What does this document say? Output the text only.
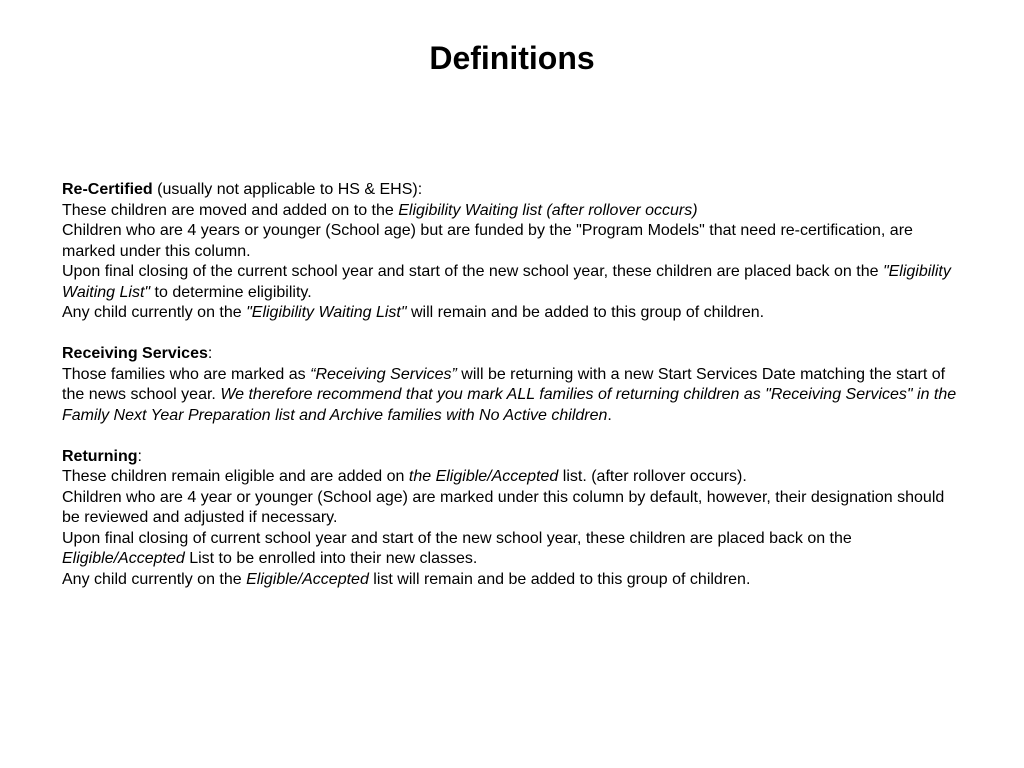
Definitions
Re-Certified (usually not applicable to HS & EHS):
These children are moved and added on to the Eligibility Waiting list (after rollover occurs)
Children who are 4 years or younger (School age) but are funded by the "Program Models" that need re-certification, are marked under this column.
Upon final closing of the current school year and start of the new school year, these children are placed back on the "Eligibility Waiting List" to determine eligibility.
Any child currently on the "Eligibility Waiting List" will remain and be added to this group of children.
Receiving Services:
Those families who are marked as “Receiving Services” will be returning with a new Start Services Date matching the start of the news school year. We therefore recommend that you mark ALL families of returning children as "Receiving Services" in the Family Next Year Preparation list and Archive families with No Active children.
Returning:
These children remain eligible and are added on the Eligible/Accepted list. (after rollover occurs).
Children who are 4 year or younger (School age) are marked under this column by default, however, their designation should be reviewed and adjusted if necessary.
Upon final closing of current school year and start of the new school year, these children are placed back on the Eligible/Accepted List to be enrolled into their new classes.
Any child currently on the Eligible/Accepted list will remain and be added to this group of children.
